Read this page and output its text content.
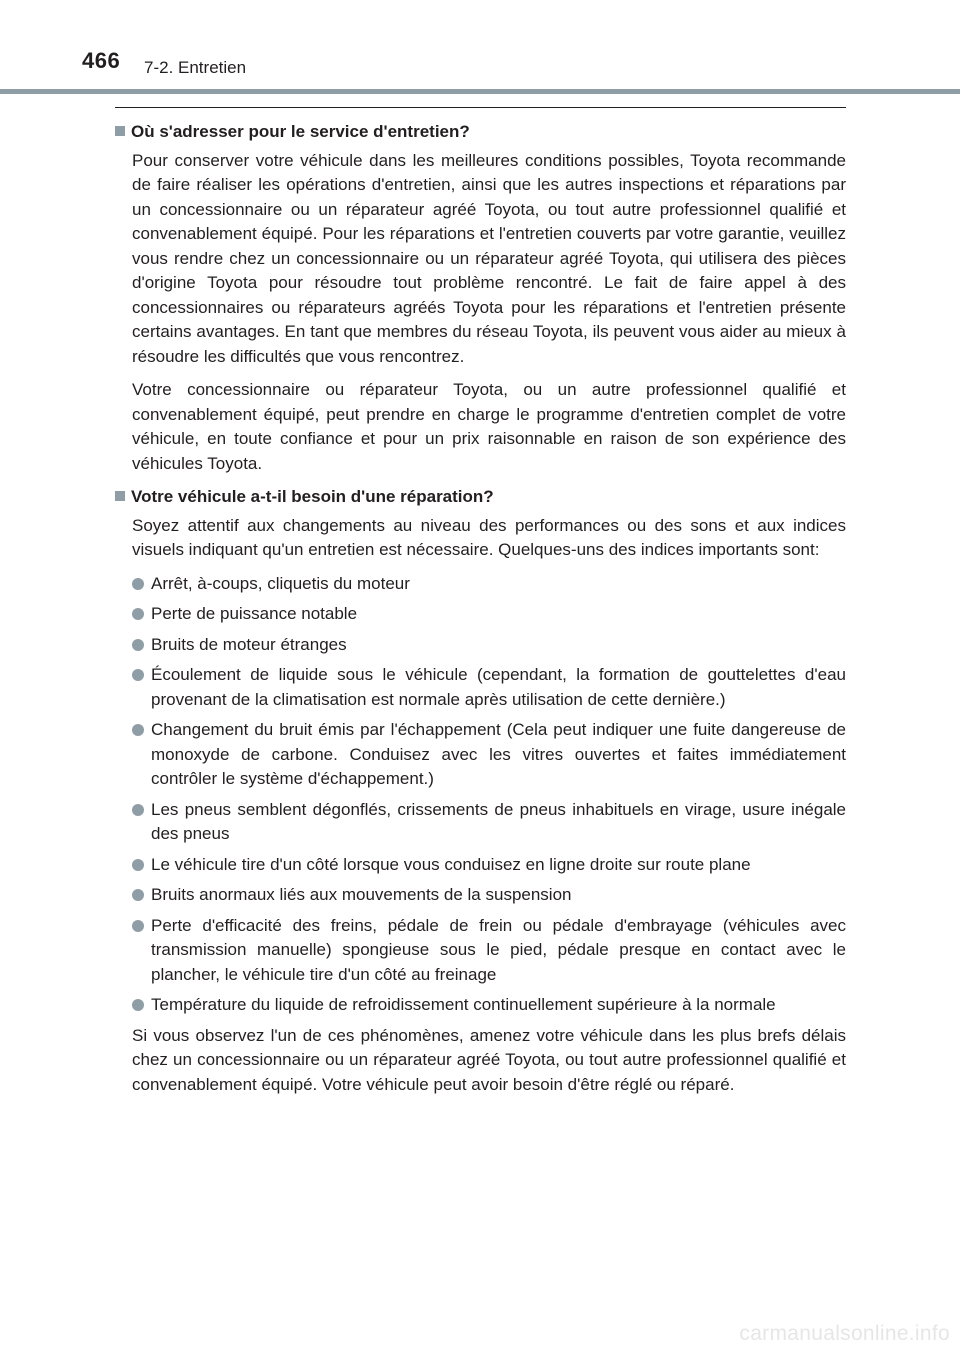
466 7-2. Entretien
Où s'adresser pour le service d'entretien?

Pour conserver votre véhicule dans les meilleures conditions possibles, Toyota recommande de faire réaliser les opérations d'entretien, ainsi que les autres inspections et réparations par un concessionnaire ou un réparateur agréé Toyota, ou tout autre professionnel qualifié et convenablement équipé. Pour les réparations et l'entretien couverts par votre garantie, veuillez vous rendre chez un concessionnaire ou un réparateur agréé Toyota, qui utilisera des pièces d'origine Toyota pour résoudre tout problème rencontré. Le fait de faire appel à des concessionnaires ou réparateurs agréés Toyota pour les réparations et l'entretien présente certains avantages. En tant que membres du réseau Toyota, ils peuvent vous aider au mieux à résoudre les difficultés que vous rencontrez.

Votre concessionnaire ou réparateur Toyota, ou un autre professionnel qualifié et convenablement équipé, peut prendre en charge le programme d'entretien complet de votre véhicule, en toute confiance et pour un prix raisonnable en raison de son expérience des véhicules Toyota.

Votre véhicule a-t-il besoin d'une réparation?

Soyez attentif aux changements au niveau des performances ou des sons et aux indices visuels indiquant qu'un entretien est nécessaire. Quelques-uns des indices importants sont:

Arrêt, à-coups, cliquetis du moteur
Perte de puissance notable
Bruits de moteur étranges
Écoulement de liquide sous le véhicule (cependant, la formation de gouttelettes d'eau provenant de la climatisation est normale après utilisation de cette dernière.)
Changement du bruit émis par l'échappement (Cela peut indiquer une fuite dangereuse de monoxyde de carbone. Conduisez avec les vitres ouvertes et faites immédiatement contrôler le système d'échappement.)
Les pneus semblent dégonflés, crissements de pneus inhabituels en virage, usure inégale des pneus
Le véhicule tire d'un côté lorsque vous conduisez en ligne droite sur route plane
Bruits anormaux liés aux mouvements de la suspension
Perte d'efficacité des freins, pédale de frein ou pédale d'embrayage (véhicules avec transmission manuelle) spongieuse sous le pied, pédale presque en contact avec le plancher, le véhicule tire d'un côté au freinage
Température du liquide de refroidissement continuellement supérieure à la normale

Si vous observez l'un de ces phénomènes, amenez votre véhicule dans les plus brefs délais chez un concessionnaire ou un réparateur agréé Toyota, ou tout autre professionnel qualifié et convenablement équipé. Votre véhicule peut avoir besoin d'être réglé ou réparé.

carmanualsonline.info
